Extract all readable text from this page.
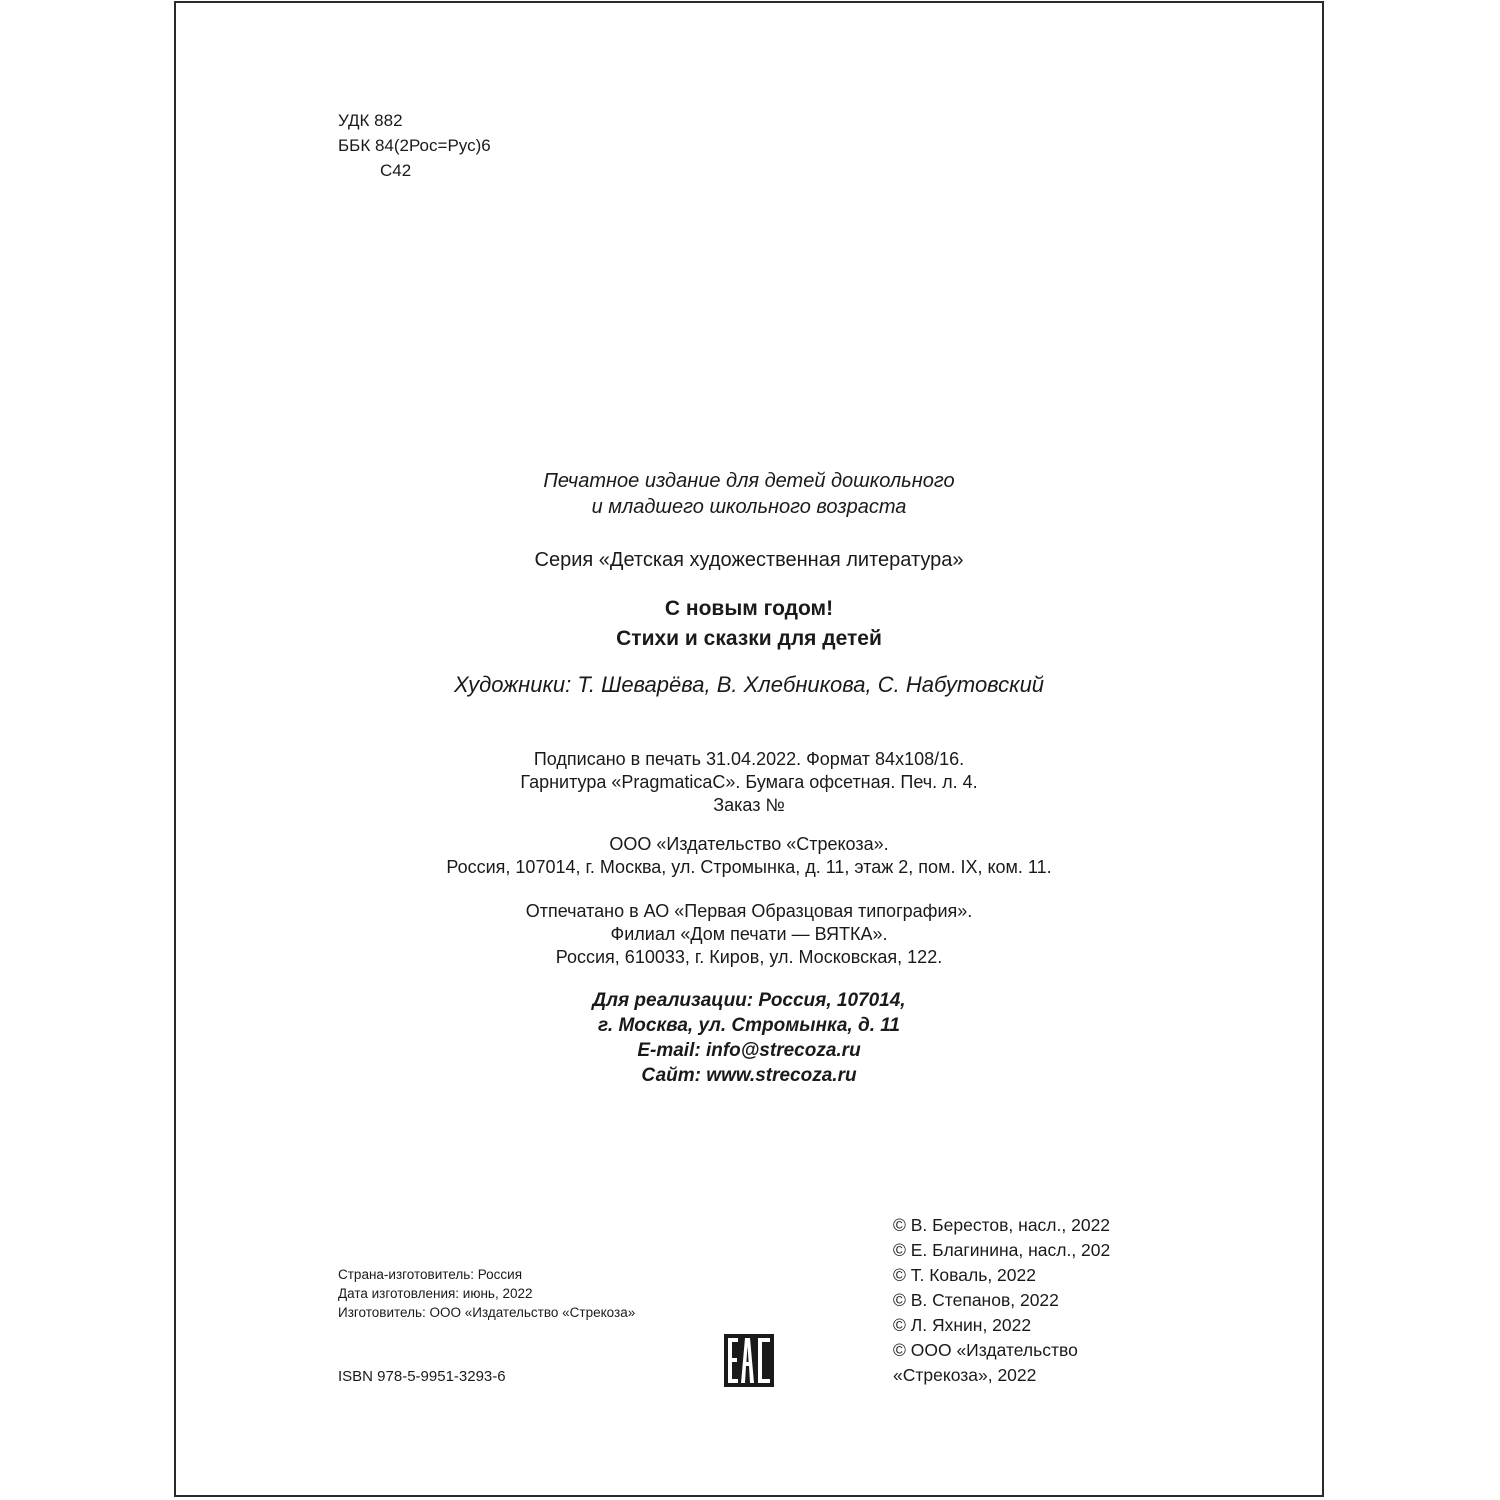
УДК 882
ББК 84(2Рос=Рус)6
С42
Печатное издание для детей дошкольного
и младшего школьного возраста
Серия «Детская художественная литература»
С новым годом!
Стихи и сказки для детей
Художники: Т. Шеварёва, В. Хлебникова, С. Набутовский
Подписано в печать 31.04.2022. Формат 84x108/16.
Гарнитура «PragmaticaC». Бумага офсетная. Печ. л. 4.
Заказ №
ООО «Издательство «Стрекоза».
Россия, 107014, г. Москва, ул. Стромынка, д. 11, этаж 2, пом. IX, ком. 11.
Отпечатано в АО «Первая Образцовая типография».
Филиал «Дом печати — ВЯТКА».
Россия, 610033, г. Киров, ул. Московская, 122.
Для реализации: Россия, 107014,
г. Москва, ул. Стромынка, д. 11
E-mail: info@strecoza.ru
Сайт: www.strecoza.ru
Страна-изготовитель: Россия
Дата изготовления: июнь, 2022
Изготовитель: ООО «Издательство «Стрекоза»
ISBN 978-5-9951-3293-6
© В. Берестов, насл., 2022
© Е. Благинина, насл., 202
© Т. Коваль, 2022
© В. Степанов, 2022
© Л. Яхнин, 2022
© ООО «Издательство
«Стрекоза», 2022
